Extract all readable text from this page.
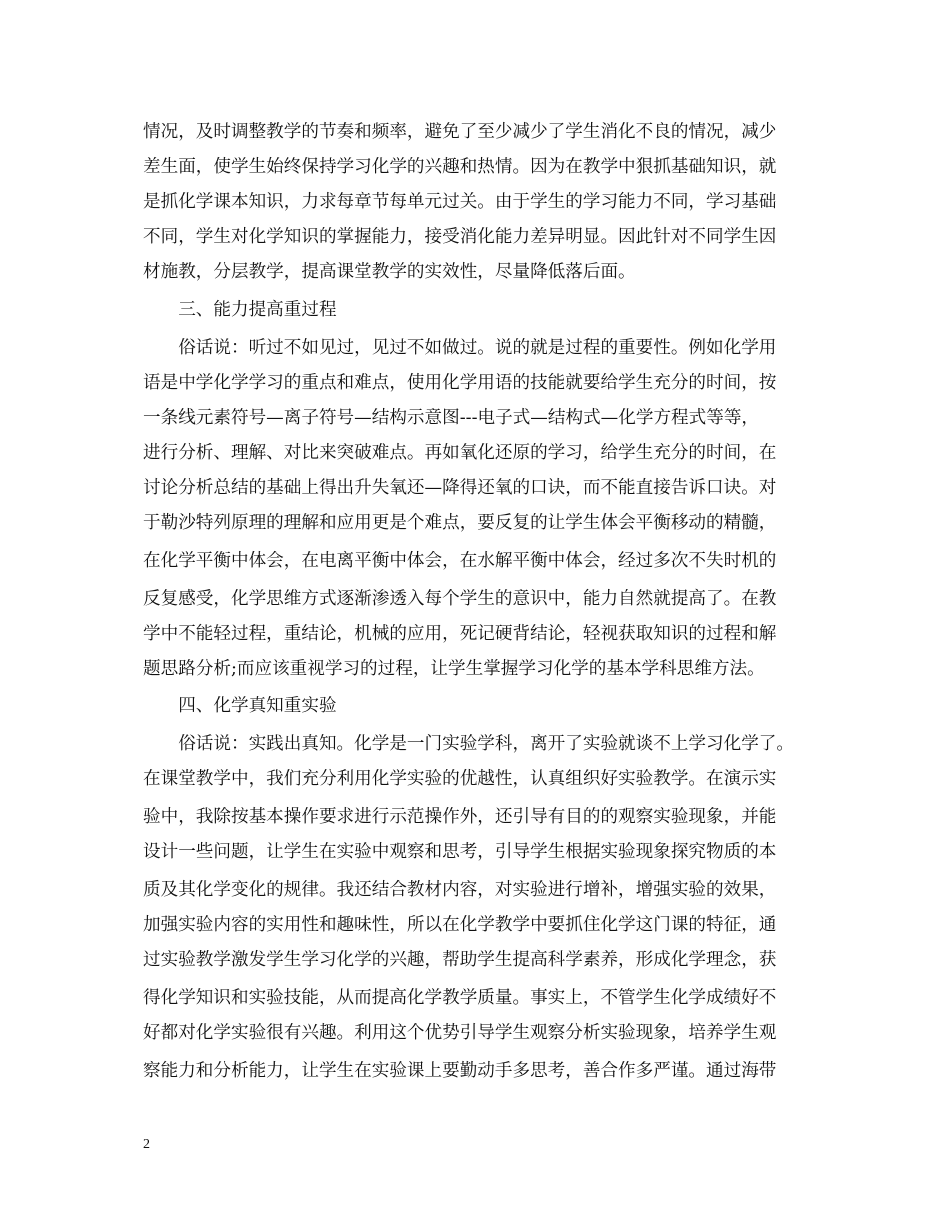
情况，及时调整教学的节奏和频率，避免了至少减少了学生消化不良的情况，减少
差生面，使学生始终保持学习化学的兴趣和热情。因为在教学中狠抓基础知识，就
是抓化学课本知识，力求每章节每单元过关。由于学生的学习能力不同，学习基础
不同，学生对化学知识的掌握能力，接受消化能力差异明显。因此针对不同学生因
材施教，分层教学，提高课堂教学的实效性，尽量降低落后面。
　　三、能力提高重过程
　　俗话说：听过不如见过，见过不如做过。说的就是过程的重要性。例如化学用
语是中学化学学习的重点和难点，使用化学用语的技能就要给学生充分的时间，按
一条线元素符号—离子符号—结构示意图---电子式—结构式—化学方程式等等，
进行分析、理解、对比来突破难点。再如氧化还原的学习，给学生充分的时间，在
讨论分析总结的基础上得出升失氧还—降得还氧的口诀，而不能直接告诉口诀。对
于勒沙特列原理的理解和应用更是个难点，要反复的让学生体会平衡移动的精髓，
在化学平衡中体会，在电离平衡中体会，在水解平衡中体会，经过多次不失时机的
反复感受，化学思维方式逐渐渗透入每个学生的意识中，能力自然就提高了。在教
学中不能轻过程，重结论，机械的应用，死记硬背结论，轻视获取知识的过程和解
题思路分析;而应该重视学习的过程，让学生掌握学习化学的基本学科思维方法。
　　四、化学真知重实验
　　俗话说：实践出真知。化学是一门实验学科，离开了实验就谈不上学习化学了。
在课堂教学中，我们充分利用化学实验的优越性，认真组织好实验教学。在演示实
验中，我除按基本操作要求进行示范操作外，还引导有目的的观察实验现象，并能
设计一些问题，让学生在实验中观察和思考，引导学生根据实验现象探究物质的本
质及其化学变化的规律。我还结合教材内容，对实验进行增补，增强实验的效果，
加强实验内容的实用性和趣味性，所以在化学教学中要抓住化学这门课的特征，通
过实验教学激发学生学习化学的兴趣，帮助学生提高科学素养，形成化学理念，获
得化学知识和实验技能，从而提高化学教学质量。事实上，不管学生化学成绩好不
好都对化学实验很有兴趣。利用这个优势引导学生观察分析实验现象，培养学生观
察能力和分析能力，让学生在实验课上要勤动手多思考，善合作多严谨。通过海带
2
